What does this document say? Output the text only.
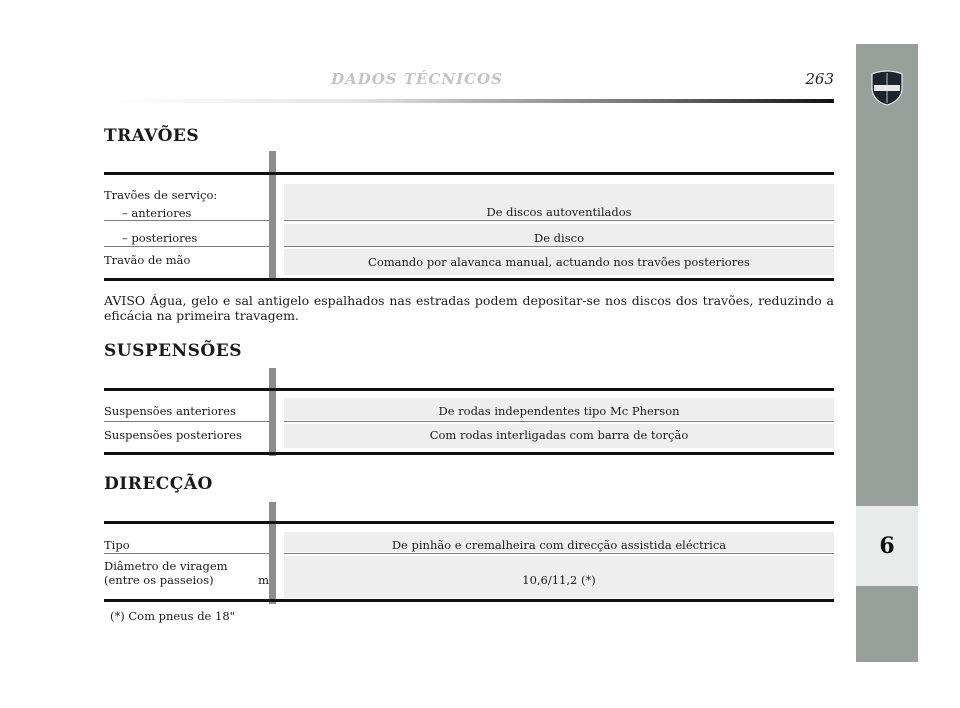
DADOS TÉCNICOS	263
6
TRAVÕES
Travões de serviço:
– anteriores	De discos autoventilados
– posteriores	De disco
Travão de mão	Comando por alavanca manual, actuando nos travões posteriores
AVISO Água, gelo e sal antigelo espalhados nas estradas podem depositar-se nos discos dos travões, reduzindo a eficácia na primeira travagem.
SUSPENSÕES
Suspensões anteriores	De rodas independentes tipo Mc Pherson
Suspensões posteriores	Com rodas interligadas com barra de torção
DIRECÇÃO
Tipo	De pinhão e cremalheira com direcção assistida eléctrica
Diâmetro de viragem
(entre os passeios)	m	10,6/11,2 (*)
(*) Com pneus de 18"
